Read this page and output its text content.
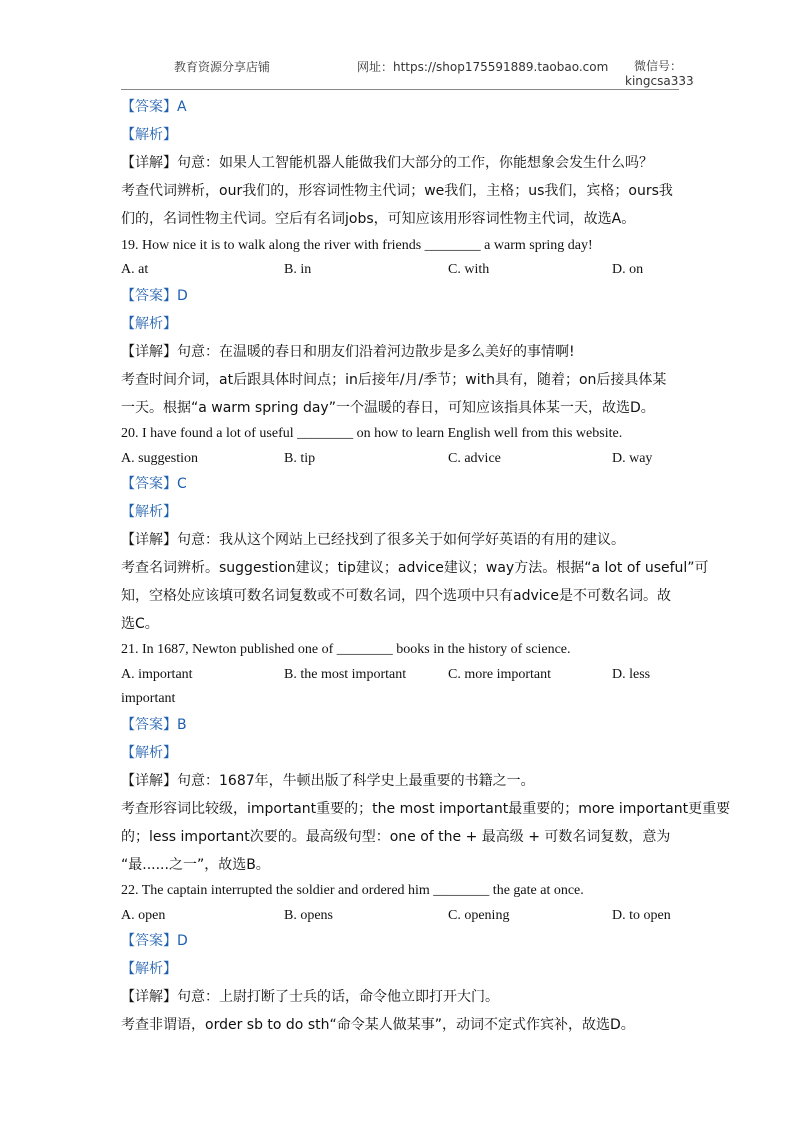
教育资源分享店铺	网址：https://shop175591889.taobao.com 微信号：
kingcsa333
【答案】A
【解析】
【详解】句意：如果人工智能机器人能做我们大部分的工作，你能想象会发生什么吗？
考查代词辨析，our我们的，形容词性物主代词；we我们，主格；us我们，宾格；ours我
们的，名词性物主代词。空后有名词jobs，可知应该用形容词性物主代词，故选A。
19. How nice it is to walk along the river with friends ________ a warm spring day!
A. at	B. in	C. with	D. on
【答案】D
【解析】
【详解】句意：在温暖的春日和朋友们沿着河边散步是多么美好的事情啊!
考查时间介词，at后跟具体时间点；in后接年/月/季节；with具有，随着；on后接具体某
一天。根据“a warm spring day”一个温暖的春日，可知应该指具体某一天，故选D。
20. I have found a lot of useful ________ on how to learn English well from this website.
A. suggestion	B. tip	C. advice	D. way
【答案】C
【解析】
【详解】句意：我从这个网站上已经找到了很多关于如何学好英语的有用的建议。
考查名词辨析。suggestion建议；tip建议；advice建议；way方法。根据“a lot of useful”可
知，空格处应该填可数名词复数或不可数名词，四个选项中只有advice是不可数名词。故
选C。
21. In 1687, Newton published one of ________ books in the history of science.
A. important	B. the most important	C. more important	D. less
important
【答案】B
【解析】
【详解】句意：1687年，牛顿出版了科学史上最重要的书籍之一。
考查形容词比较级，important重要的；the most important最重要的；more important更重要
的；less important次要的。最高级句型：one of the + 最高级 + 可数名词复数，意为
“最......之一”，故选B。
22. The captain interrupted the soldier and ordered him ________ the gate at once.
A. open	B. opens	C. opening	D. to open
【答案】D
【解析】
【详解】句意：上尉打断了士兵的话，命令他立即打开大门。
考查非谓语，order sb to do sth“命令某人做某事”，动词不定式作宾补，故选D。
